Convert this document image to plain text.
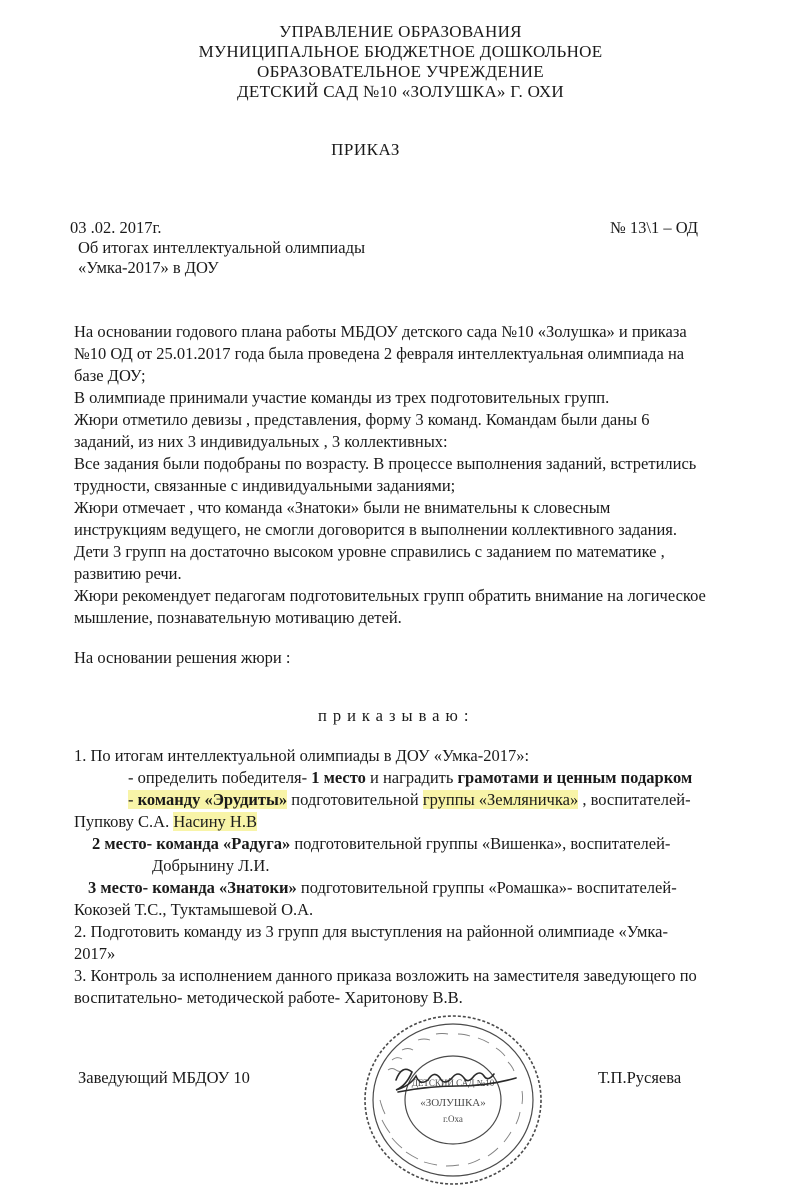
УПРАВЛЕНИЕ ОБРАЗОВАНИЯ
МУНИЦИПАЛЬНОЕ БЮДЖЕТНОЕ ДОШКОЛЬНОЕ
ОБРАЗОВАТЕЛЬНОЕ УЧРЕЖДЕНИЕ
ДЕТСКИЙ САД №10 «ЗОЛУШКА» Г. ОХИ
ПРИКАЗ
03 .02. 2017г.	№ 13\1 – ОД
Об итогах интеллектуальной олимпиады
«Умка-2017» в ДОУ
На основании годового плана работы МБДОУ детского сада №10 «Золушка» и приказа
№10 ОД от 25.01.2017 года была проведена 2 февраля интеллектуальная олимпиада на
базе ДОУ;
В олимпиаде принимали участие команды из трех подготовительных групп.
Жюри отметило девизы , представления, форму 3 команд. Командам были даны 6
заданий, из них 3 индивидуальных , 3 коллективных:
Все задания были подобраны по возрасту. В процессе выполнения заданий, встретились
трудности, связанные с индивидуальными заданиями;
Жюри отмечает , что команда «Знатоки» были не внимательны к словесным
инструкциям ведущего, не смогли договорится в выполнении коллективного задания.
Дети 3 групп на достаточно высоком уровне справились с заданием по математике ,
развитию речи.
Жюри рекомендует педагогам подготовительных групп обратить внимание на логическое
мышление, познавательную мотивацию детей.
На основании решения жюри :
приказываю:
1. По итогам интеллектуальной олимпиады в ДОУ «Умка-2017»:
- определить победителя- 1 место и наградить грамотами и ценным подарком
- команду «Эрудиты» подготовительной группы «Земляничка» , воспитателей-
Пупкову С.А. Насину Н.В
2 место- команда «Радуга» подготовительной группы «Вишенка», воспитателей-
Добрынину Л.И.
3 место- команда «Знатоки» подготовительной группы «Ромашка»- воспитателей-
Кокозей Т.С., Туктамышевой О.А.
2. Подготовить команду из 3 групп для выступления на районной олимпиаде «Умка-
2017»
3. Контроль за исполнением данного приказа возложить на заместителя заведующего по
воспитательно- методической работе- Харитонову В.В.
Заведующий МБДОУ 10	Т.П.Русяева
ДЕТСКИЙ САД №10
«ЗОЛУШКА»
г.Оха
